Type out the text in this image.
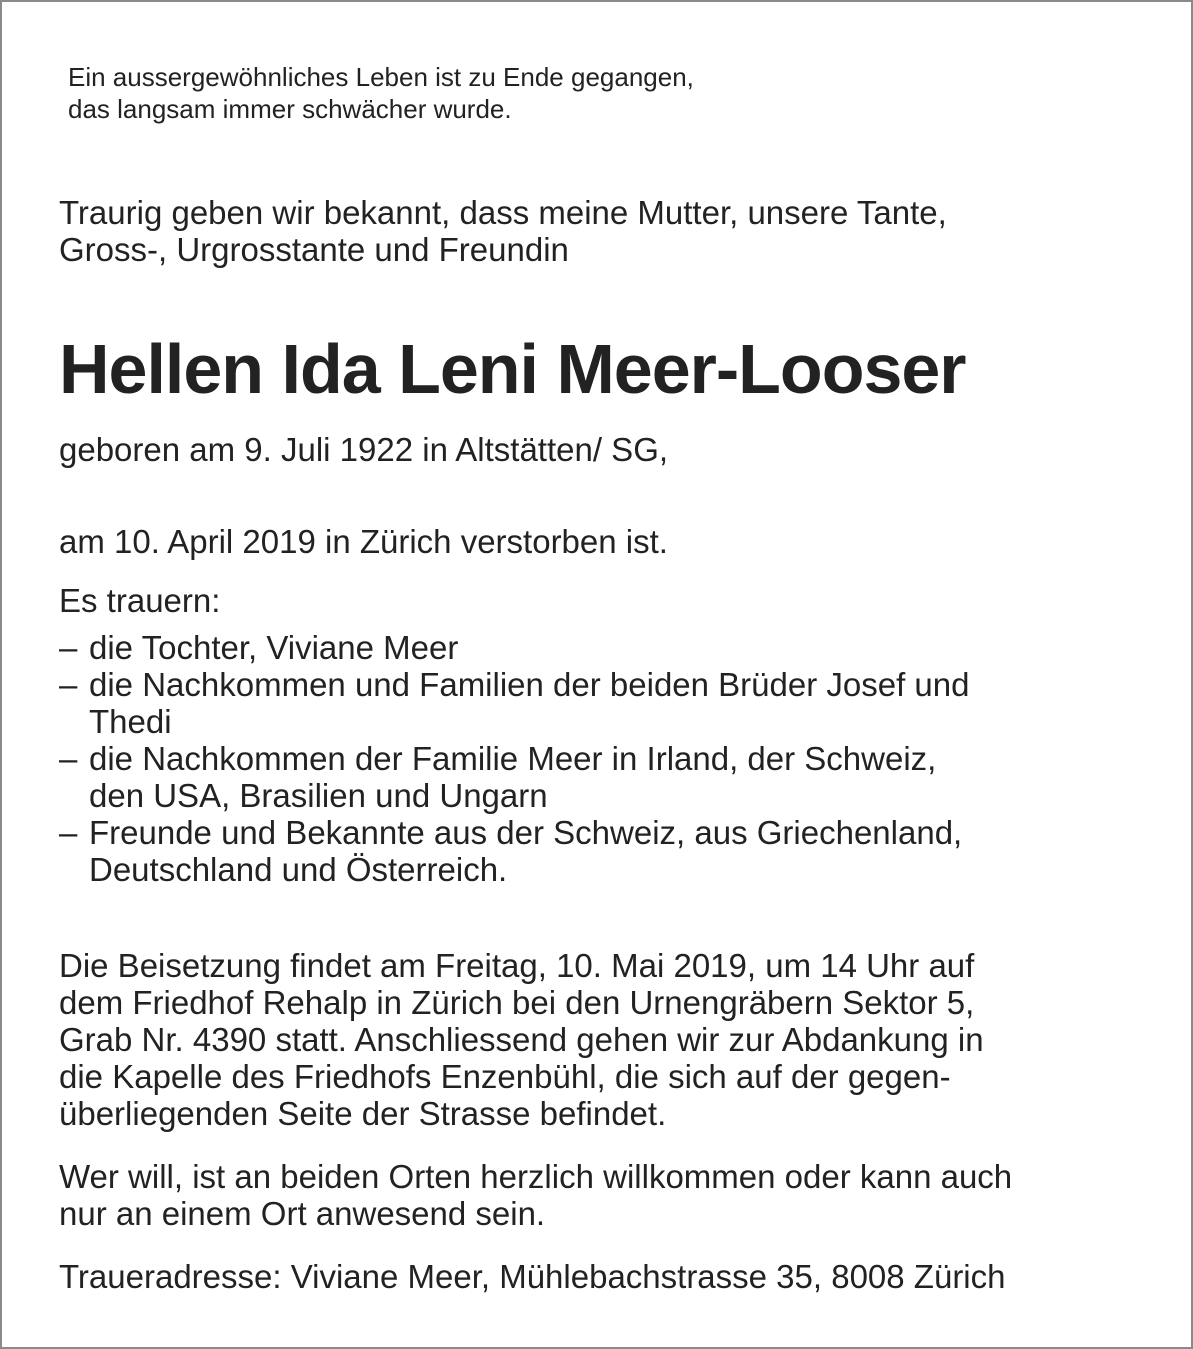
Ein aussergewöhnliches Leben ist zu Ende gegangen,
das langsam immer schwächer wurde.

Traurig geben wir bekannt, dass meine Mutter, unsere Tante,
Gross-, Urgrosstante und Freundin

Hellen Ida Leni Meer-Looser

geboren am 9. Juli 1922 in Altstätten/ SG,

am 10. April 2019 in Zürich verstorben ist.

Es trauern:

– die Tochter, Viviane Meer
– die Nachkommen und Familien der beiden Brüder Josef und
Thedi
– die Nachkommen der Familie Meer in Irland, der Schweiz,
den USA, Brasilien und Ungarn
– Freunde und Bekannte aus der Schweiz, aus Griechenland,
Deutschland und Österreich.

Die Beisetzung findet am Freitag, 10. Mai 2019, um 14 Uhr auf
dem Friedhof Rehalp in Zürich bei den Urnengräbern Sektor 5,
Grab Nr. 4390 statt. Anschliessend gehen wir zur Abdankung in
die Kapelle des Friedhofs Enzenbühl, die sich auf der gegen-
überliegenden Seite der Strasse befindet.

Wer will, ist an beiden Orten herzlich willkommen oder kann auch
nur an einem Ort anwesend sein.

Traueradresse: Viviane Meer, Mühlebachstrasse 35, 8008 Zürich
